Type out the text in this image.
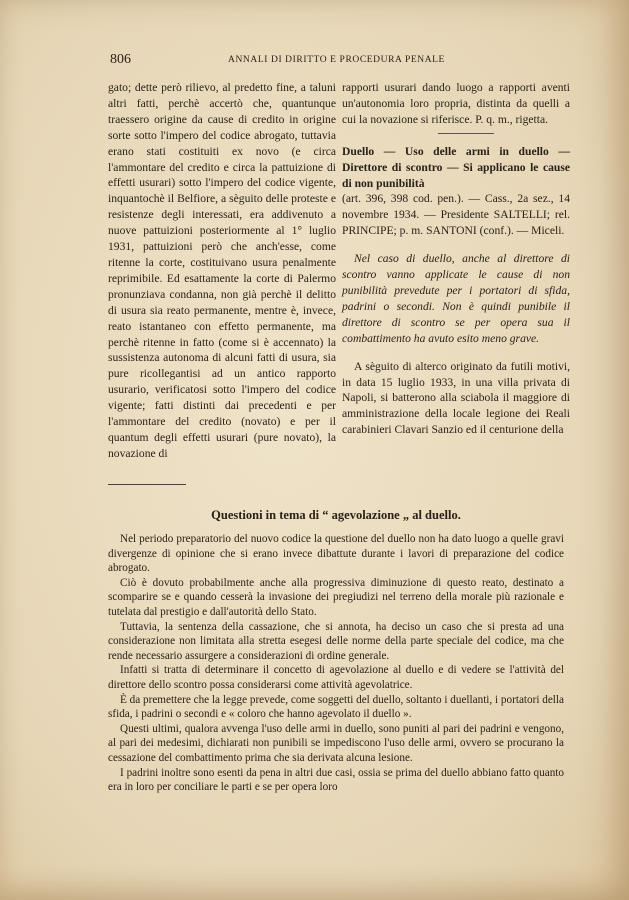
806	ANNALI DI DIRITTO E PROCEDURA PENALE

gato; dette però rilievo, al predetto fine, a taluni altri fatti, perchè accertò che, quantunque traessero origine da cause di credito in origine sorte sotto l'impero del codice abrogato, tuttavia erano stati costituiti ex novo (e circa l'ammontare del credito e circa la pattuizione di effetti usurari) sotto l'impero del codice vigente, inquantochè il Belfiore, a sèguito delle proteste e resistenze degli interessati, era addivenuto a nuove pattuizioni posteriormente al 1° luglio 1931, pattuizioni però che anch'esse, come ritenne la corte, costituivano usura penalmente reprimibile. Ed esattamente la corte di Palermo pronunziava condanna, non già perchè il delitto di usura sia reato permanente, mentre è, invece, reato istantaneo con effetto permanente, ma perchè ritenne in fatto (come si è accennato) la sussistenza autonoma di alcuni fatti di usura, sia pure ricollegantisi ad un antico rapporto usurario, verificatosi sotto l'impero del codice vigente; fatti distinti dai precedenti e per l'ammontare del credito (novato) e per il quantum degli effetti usurari (pure novato), la novazione di

rapporti usurari dando luogo a rapporti aventi un'autonomia loro propria, distinta da quelli a cui la novazione si riferisce. P. q. m., rigetta.

Duello — Uso delle armi in duello — Direttore di scontro — Si applicano le cause di non punibilità

(art. 396, 398 cod. pen.). — Cass., 2a sez., 14 novembre 1934. — Presidente SALTELLI; rel. PRINCIPE; p. m. SANTONI (conf.). — Miceli.

Nel caso di duello, anche al direttore di scontro vanno applicate le cause di non punibilità prevedute per i portatori di sfida, padrini o secondi. Non è quindi punibile il direttore di scontro se per opera sua il combattimento ha avuto esito meno grave.

A sèguito di alterco originato da futili motivi, in data 15 luglio 1933, in una villa privata di Napoli, si batterono alla sciabola il maggiore di amministrazione della locale legione dei Reali carabinieri Clavari Sanzio ed il centurione della

Questioni in tema di “ agevolazione „ al duello.

Nel periodo preparatorio del nuovo codice la questione del duello non ha dato luogo a quelle gravi divergenze di opinione che si erano invece dibattute durante i lavori di preparazione del codice abrogato.

Ciò è dovuto probabilmente anche alla progressiva diminuzione di questo reato, destinato a scomparire se e quando cesserà la invasione dei pregiudizi nel terreno della morale più razionale e tutelata dal prestigio e dall'autorità dello Stato.

Tuttavia, la sentenza della cassazione, che si annota, ha deciso un caso che si presta ad una considerazione non limitata alla stretta esegesi delle norme della parte speciale del codice, ma che rende necessario assurgere a considerazioni di ordine generale.

Infatti si tratta di determinare il concetto di agevolazione al duello e di vedere se l'attività del direttore dello scontro possa considerarsi come attività agevolatrice.

È da premettere che la legge prevede, come soggetti del duello, soltanto i duellanti, i portatori della sfida, i padrini o secondi e « coloro che hanno agevolato il duello ».

Questi ultimi, qualora avvenga l'uso delle armi in duello, sono puniti al pari dei padrini e vengono, al pari dei medesimi, dichiarati non punibili se impediscono l'uso delle armi, ovvero se procurano la cessazione del combattimento prima che sia derivata alcuna lesione.

I padrini inoltre sono esenti da pena in altri due casi, ossia se prima del duello abbiano fatto quanto era in loro per conciliare le parti e se per opera loro
